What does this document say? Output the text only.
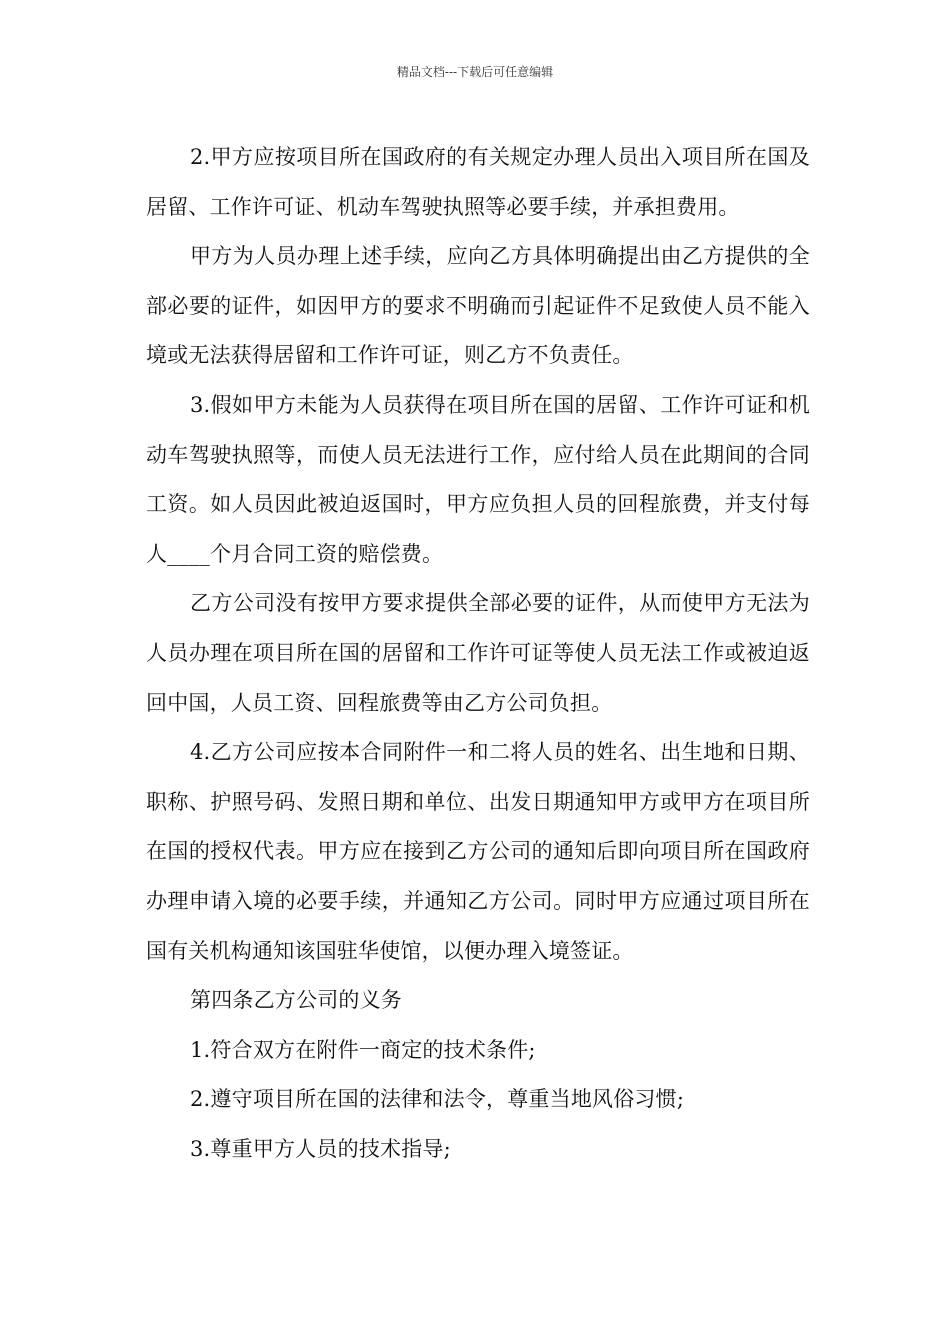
精品文档---下载后可任意编辑

2.甲方应按项目所在国政府的有关规定办理人员出入项目所在国及居留、工作许可证、机动车驾驶执照等必要手续，并承担费用。

甲方为人员办理上述手续，应向乙方具体明确提出由乙方提供的全部必要的证件，如因甲方的要求不明确而引起证件不足致使人员不能入境或无法获得居留和工作许可证，则乙方不负责任。

3.假如甲方未能为人员获得在项目所在国的居留、工作许可证和机动车驾驶执照等，而使人员无法进行工作，应付给人员在此期间的合同工资。如人员因此被迫返国时，甲方应负担人员的回程旅费，并支付每人____个月合同工资的赔偿费。

乙方公司没有按甲方要求提供全部必要的证件，从而使甲方无法为人员办理在项目所在国的居留和工作许可证等使人员无法工作或被迫返回中国，人员工资、回程旅费等由乙方公司负担。

4.乙方公司应按本合同附件一和二将人员的姓名、出生地和日期、职称、护照号码、发照日期和单位、出发日期通知甲方或甲方在项目所在国的授权代表。甲方应在接到乙方公司的通知后即向项目所在国政府办理申请入境的必要手续，并通知乙方公司。同时甲方应通过项目所在国有关机构通知该国驻华使馆，以便办理入境签证。

第四条乙方公司的义务

1.符合双方在附件一商定的技术条件;

2.遵守项目所在国的法律和法令，尊重当地风俗习惯;

3.尊重甲方人员的技术指导;
